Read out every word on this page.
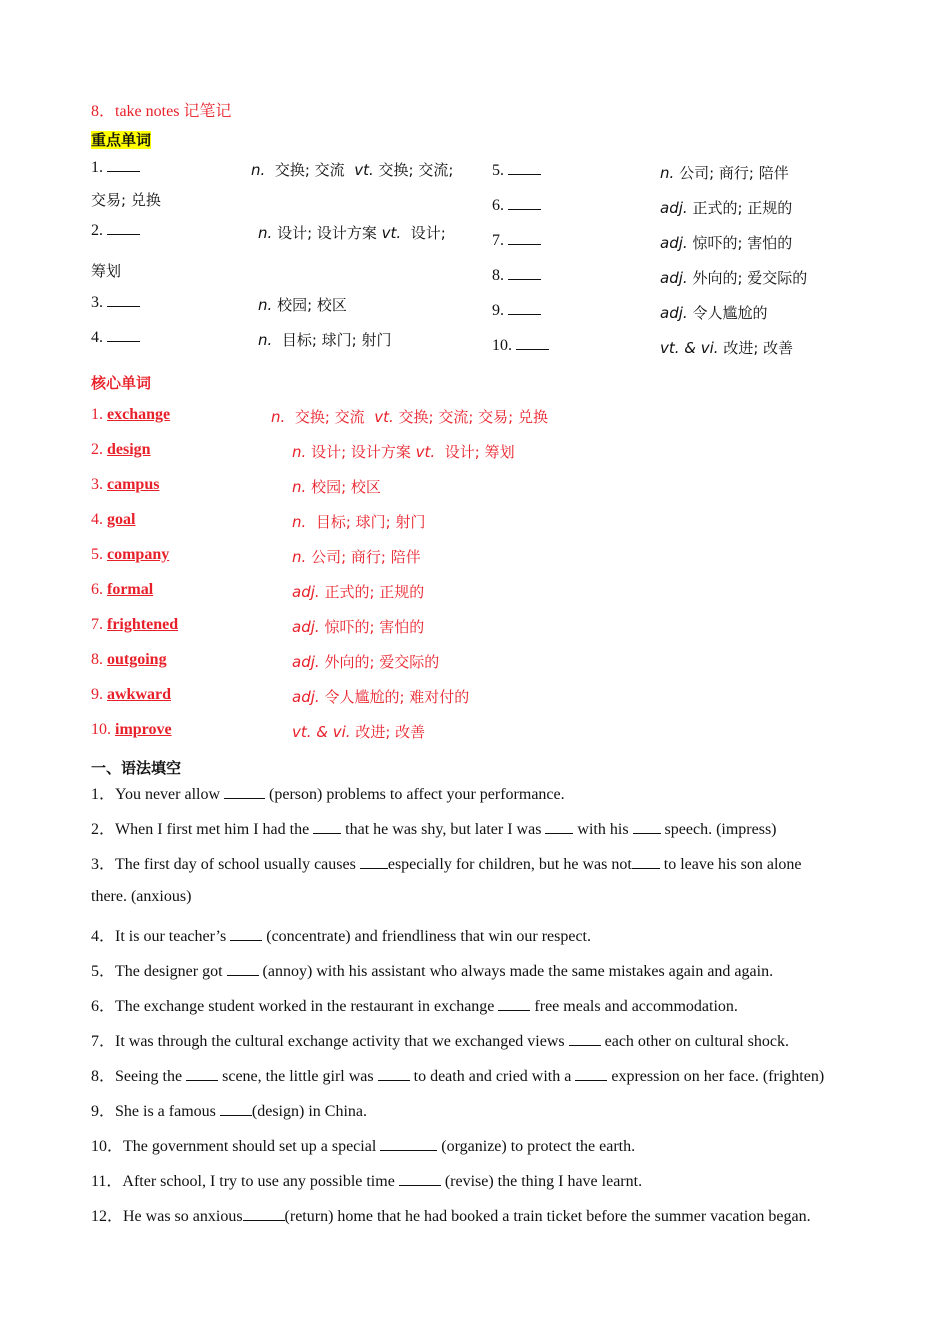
8．take notes 记笔记
重点单词
1.	n. 交换; 交流 vt. 交换; 交流;
交易; 兑换
2.	n. 设计; 设计方案 vt. 设计;
筹划
3.	n. 校园; 校区
4.	n. 目标; 球门; 射门
5.	n. 公司; 商行; 陪伴
6.	adj. 正式的; 正规的
7.	adj. 惊吓的; 害怕的
8.	adj. 外向的; 爱交际的
9.	adj. 令人尴尬的
10.	vt. & vi. 改进; 改善
核心单词
1. exchange	n. 交换; 交流 vt. 交换; 交流; 交易; 兑换
2. design	n. 设计; 设计方案 vt. 设计; 筹划
3. campus	n. 校园; 校区
4. goal	n. 目标; 球门; 射门
5. company	n. 公司; 商行; 陪伴
6. formal	adj. 正式的; 正规的
7. frightened	adj. 惊吓的; 害怕的
8. outgoing	adj. 外向的; 爱交际的
9. awkward	adj. 令人尴尬的; 难对付的
10. improve	vt. & vi. 改进; 改善
一、语法填空
1．You never allow	(person) problems to affect your performance.
2．When I first met him I had the that he was shy, but later I was with his speech. (impress)
3．The first day of school usually causes especially for children, but he was not to leave his son alone
there. (anxious)
4．It is our teacher’s	(concentrate) and friendliness that win our respect.
5．The designer got	(annoy) with his assistant who always made the same mistakes again and again.
6．The exchange student worked in the restaurant in exchange	free meals and accommodation.
7．It was through the cultural exchange activity that we exchanged views	each other on cultural shock.
8．Seeing the	scene, the little girl was	to death and cried with a	expression on her face. (frighten)
9．She is a famous (design) in China.
10．The government should set up a special	(organize) to protect the earth.
11．After school, I try to use any possible time	(revise) the thing I have learnt.
12．He was so anxious	(return) home that he had booked a train ticket before the summer vacation began.
